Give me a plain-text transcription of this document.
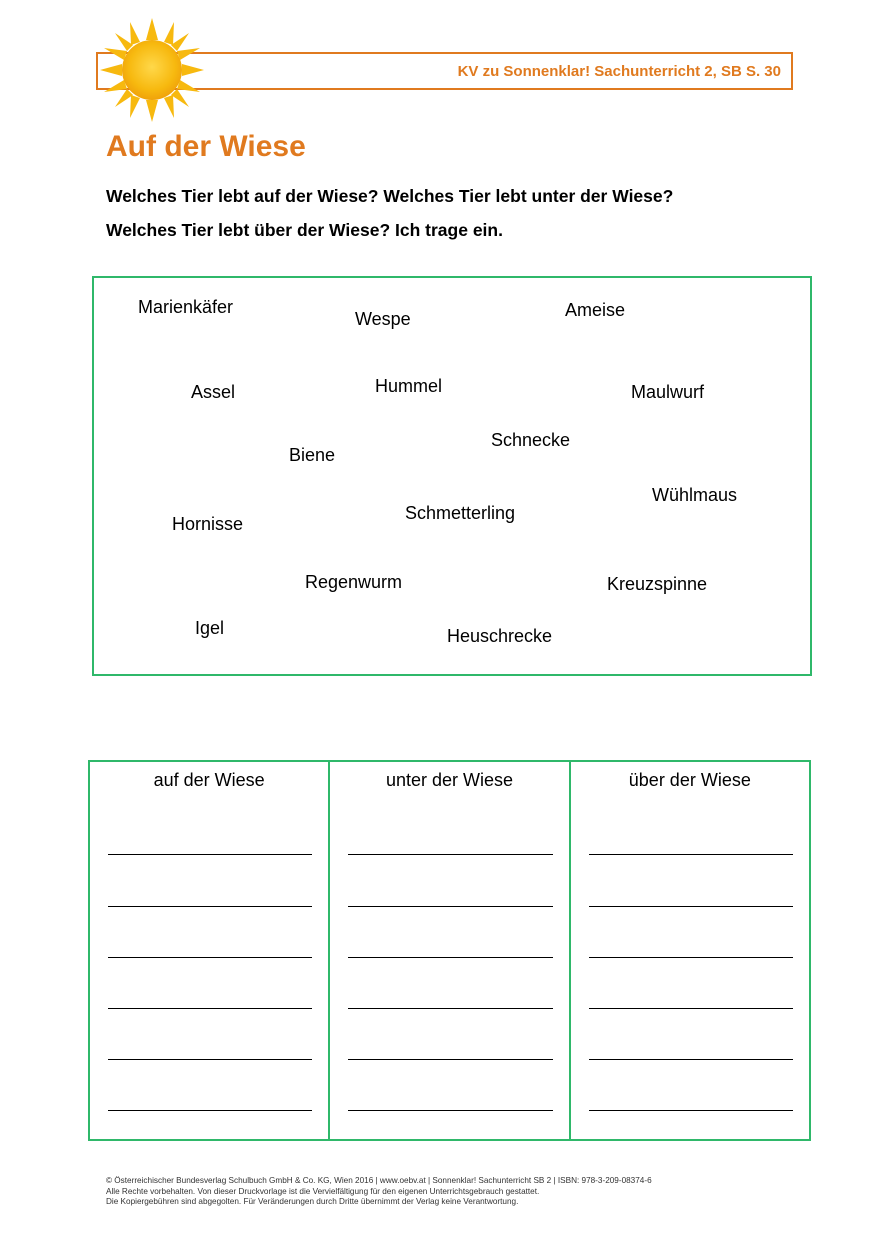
KV zu Sonnenklar! Sachunterricht 2, SB S. 30
Auf der Wiese

Welches Tier lebt auf der Wiese? Welches Tier lebt unter der Wiese?

Welches Tier lebt über der Wiese? Ich trage ein.

Marienkäfer
Wespe	Ameise
Assel	Hummel	Maulwurf
Biene
Schnecke
Wühlmaus
Hornisse
Schmetterling
Regenwurm	Kreuzspinne
Igel	Heuschrecke
auf der Wiese	unter der Wiese	über der Wiese
© Österreichischer Bundesverlag Schulbuch GmbH & Co. KG, Wien 2016 | www.oebv.at | Sonnenklar! Sachunterricht SB 2 | ISBN: 978-3-209-08374-6
Alle Rechte vorbehalten. Von dieser Druckvorlage ist die Vervielfältigung für den eigenen Unterrichtsgebrauch gestattet.
Die Kopiergebühren sind abgegolten. Für Veränderungen durch Dritte übernimmt der Verlag keine Verantwortung.
